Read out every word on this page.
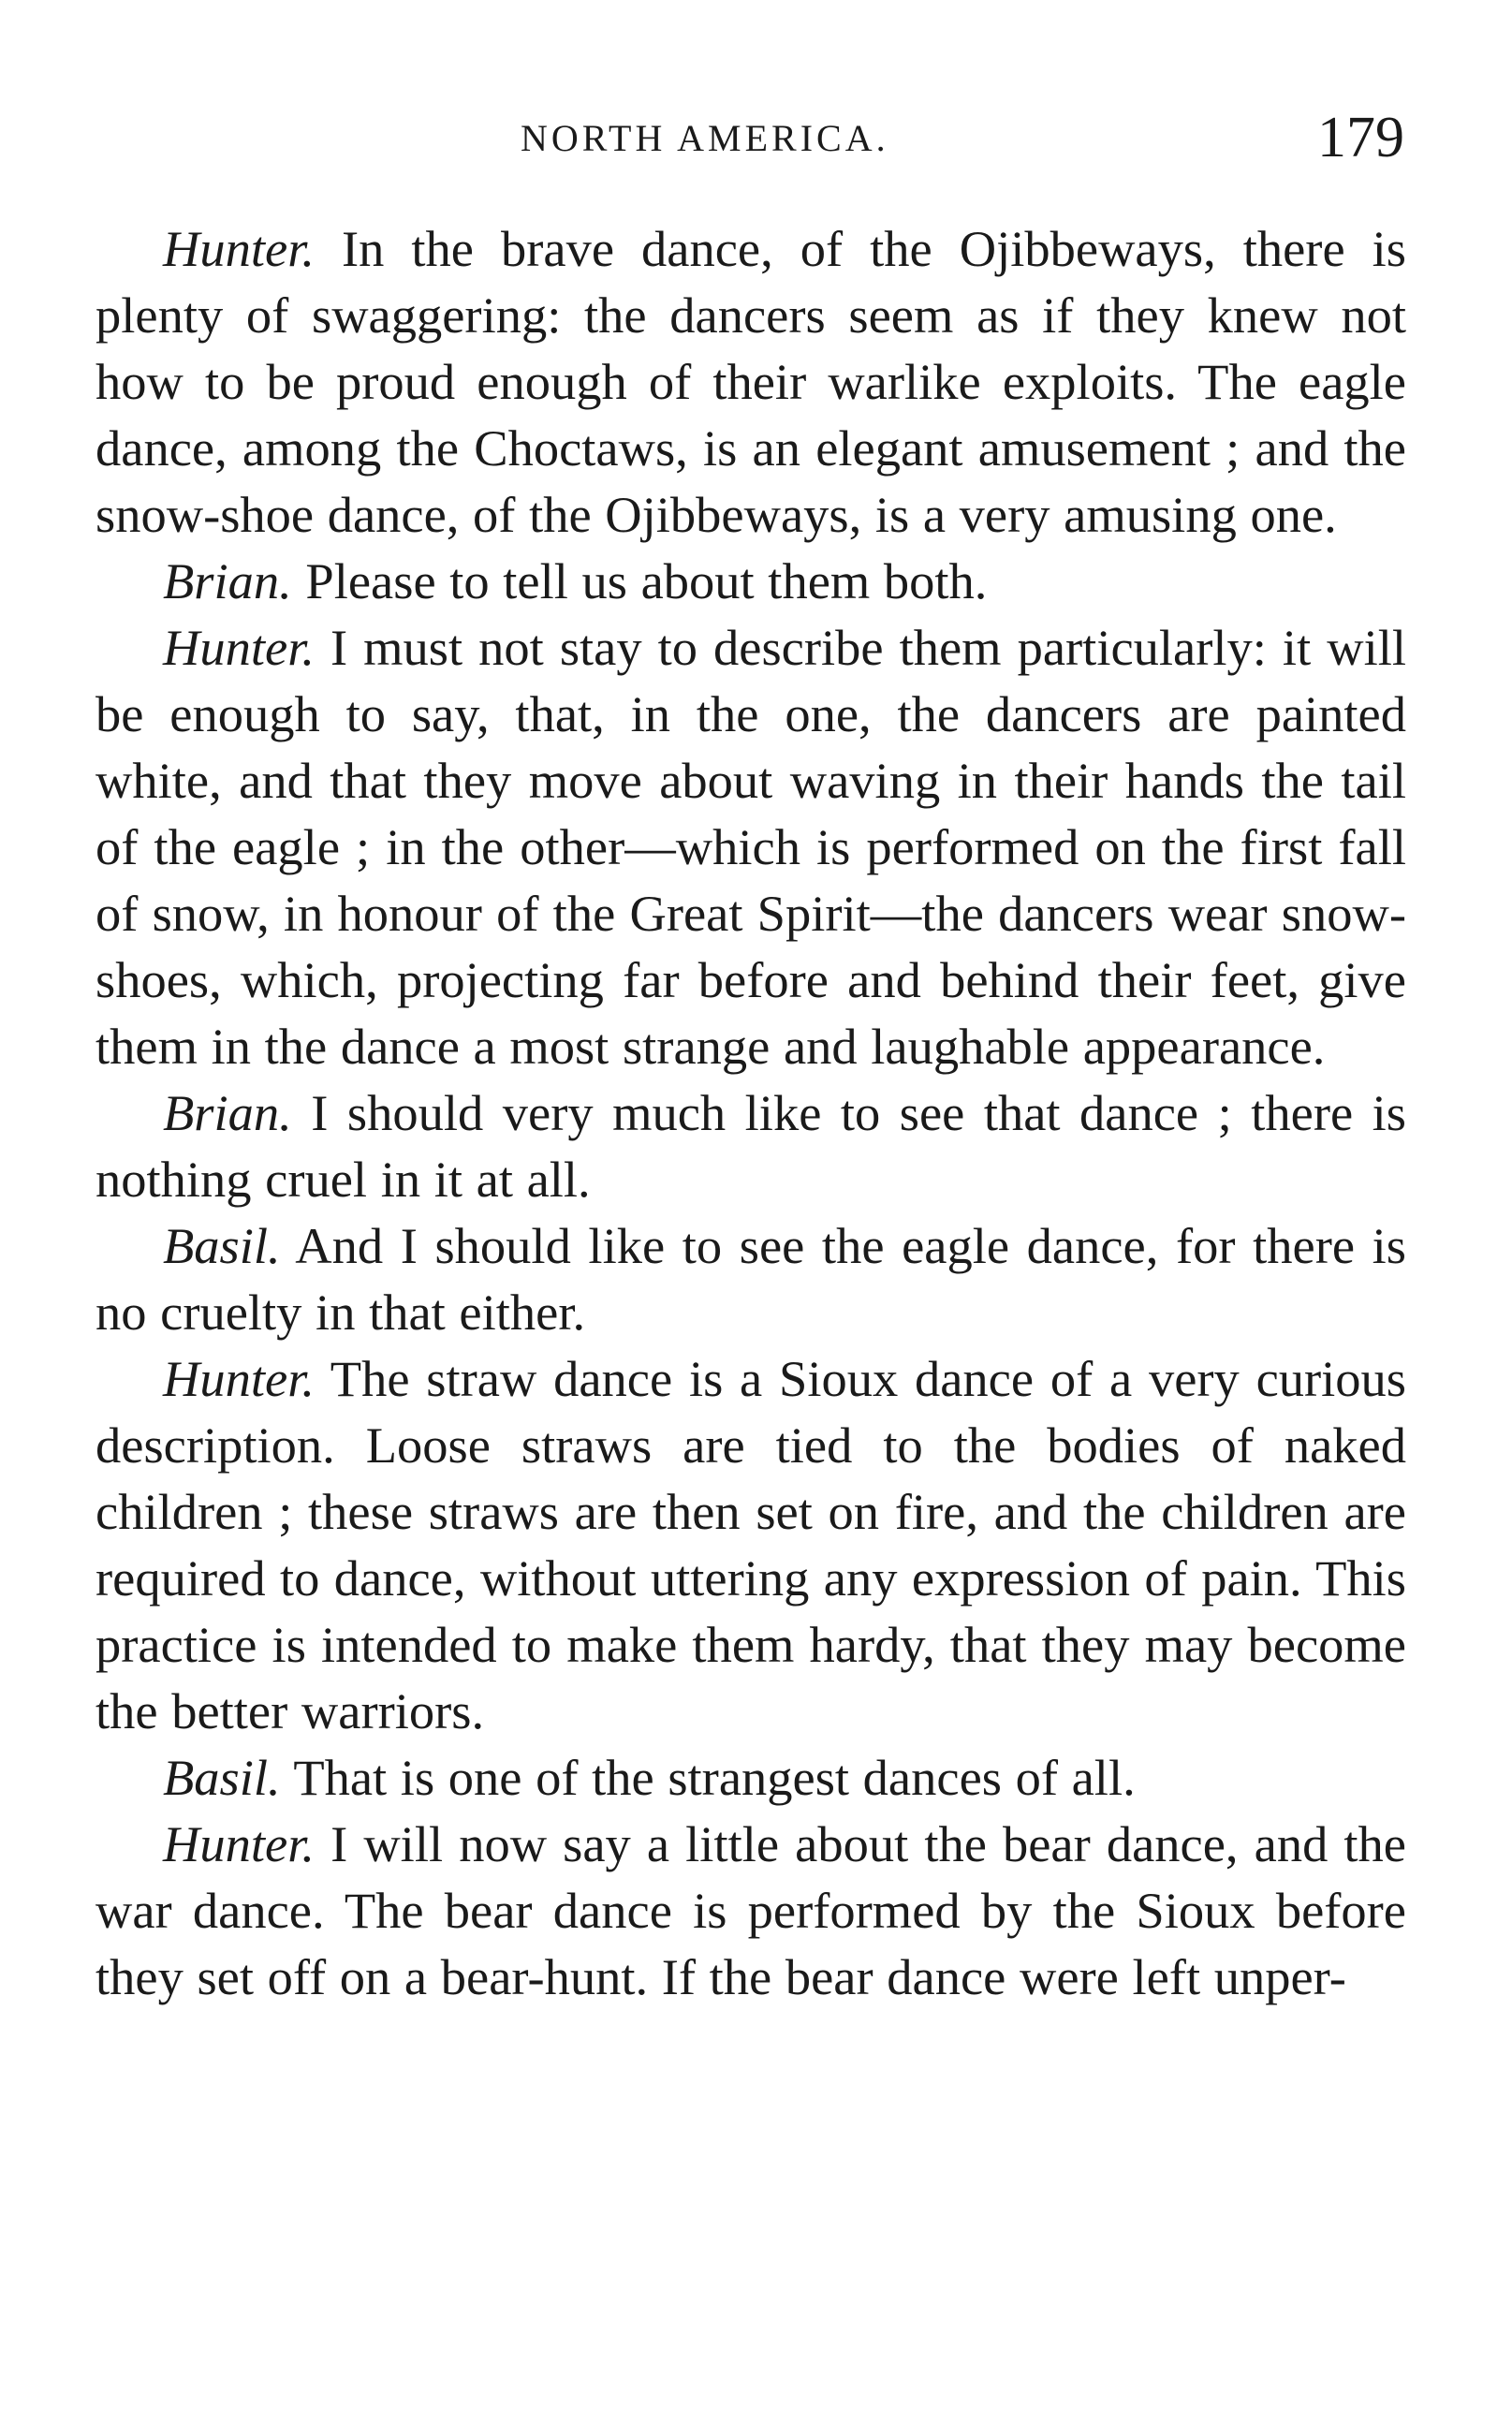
NORTH AMERICA.	179

Hunter. In the brave dance, of the Ojibbeways, there is plenty of swaggering: the dancers seem as if they knew not how to be proud enough of their warlike exploits. The eagle dance, among the Choctaws, is an elegant amusement ; and the snow-shoe dance, of the Ojibbeways, is a very amusing one.

Brian. Please to tell us about them both.

Hunter. I must not stay to describe them particularly: it will be enough to say, that, in the one, the dancers are painted white, and that they move about waving in their hands the tail of the eagle ; in the other—which is performed on the first fall of snow, in honour of the Great Spirit—the dancers wear snow-shoes, which, projecting far before and behind their feet, give them in the dance a most strange and laughable appearance.

Brian. I should very much like to see that dance ; there is nothing cruel in it at all.

Basil. And I should like to see the eagle dance, for there is no cruelty in that either.

Hunter. The straw dance is a Sioux dance of a very curious description. Loose straws are tied to the bodies of naked children ; these straws are then set on fire, and the children are required to dance, without uttering any expression of pain. This practice is intended to make them hardy, that they may become the better warriors.

Basil. That is one of the strangest dances of all.

Hunter. I will now say a little about the bear dance, and the war dance. The bear dance is performed by the Sioux before they set off on a bear-hunt. If the bear dance were left unper-
